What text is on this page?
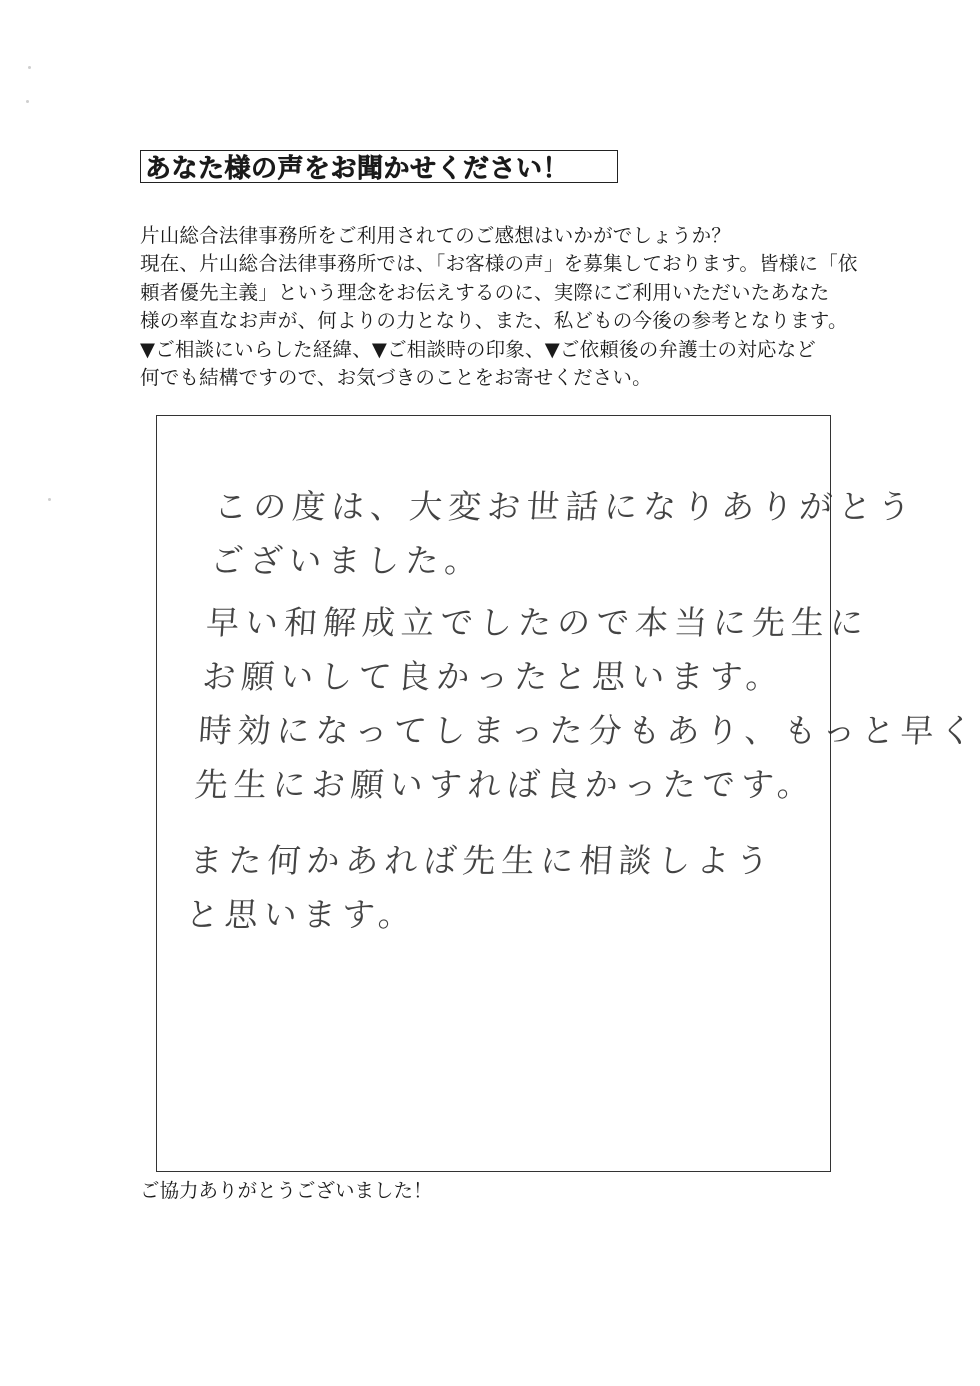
あなた様の声をお聞かせください！
片山総合法律事務所をご利用されてのご感想はいかがでしょうか？
現在、片山総合法律事務所では、「お客様の声」を募集しております。皆様に「依
頼者優先主義」という理念をお伝えするのに、実際にご利用いただいたあなた
様の率直なお声が、何よりの力となり、また、私どもの今後の参考となります。
▼ご相談にいらした経緯、▼ご相談時の印象、▼ご依頼後の弁護士の対応など
何でも結構ですので、お気づきのことをお寄せください。
この度は、大変お世話になりありがとう
ございました。
早い和解成立でしたので本当に先生に
お願いして良かったと思います。
時効になってしまった分もあり、もっと早く
先生にお願いすれば良かったです。
また何かあれば先生に相談しよう
と思います。
ご協力ありがとうございました！
